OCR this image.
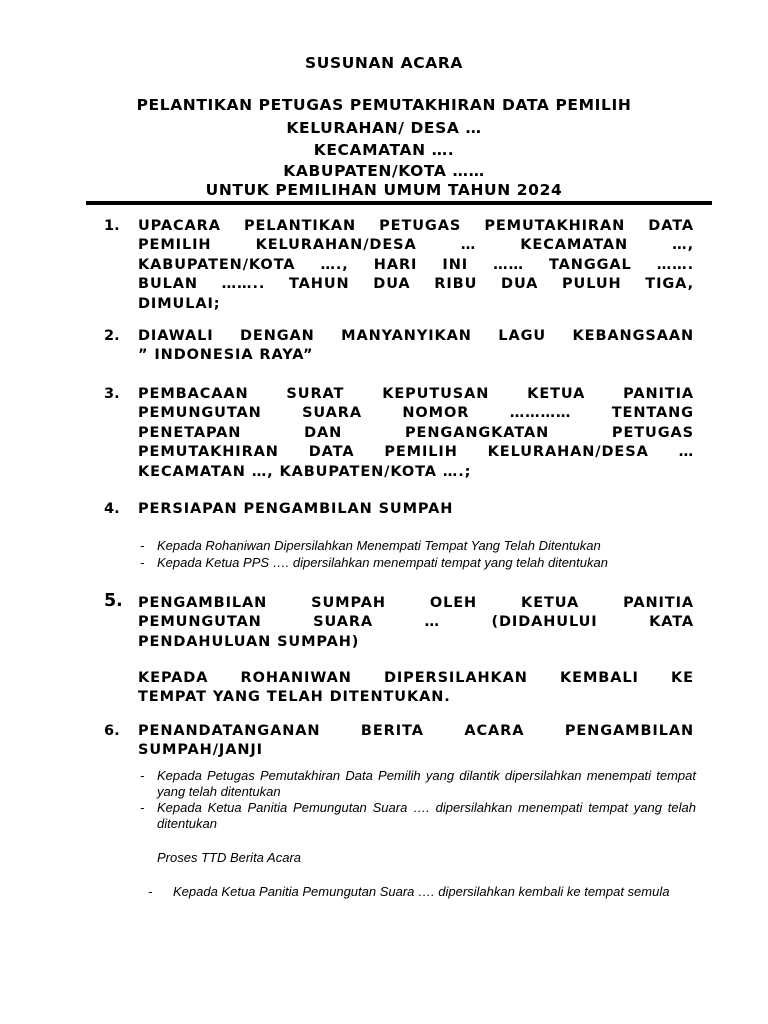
SUSUNAN ACARA
PELANTIKAN PETUGAS PEMUTAKHIRAN DATA PEMILIH
KELURAHAN/ DESA …
KECAMATAN ….
KABUPATEN/KOTA ……
UNTUK PEMILIHAN UMUM TAHUN 2024
1. UPACARA PELANTIKAN PETUGAS PEMUTAKHIRAN DATA
PEMILIH KELURAHAN/DESA … KECAMATAN …,
KABUPATEN/KOTA …., HARI INI …… TANGGAL …….
BULAN …….. TAHUN DUA RIBU DUA PULUH TIGA,
DIMULAI;
2. DIAWALI DENGAN MANYANYIKAN LAGU KEBANGSAAN
” INDONESIA RAYA”
3. PEMBACAAN SURAT KEPUTUSAN KETUA PANITIA
PEMUNGUTAN SUARA NOMOR ………… TENTANG
PENETAPAN DAN PENGANGKATAN PETUGAS
PEMUTAKHIRAN DATA PEMILIH KELURAHAN/DESA …
KECAMATAN …, KABUPATEN/KOTA ….;
4. PERSIAPAN PENGAMBILAN SUMPAH
- Kepada Rohaniwan Dipersilahkan Menempati Tempat Yang Telah Ditentukan
- Kepada Ketua PPS …. dipersilahkan menempati tempat yang telah ditentukan
5. PENGAMBILAN SUMPAH OLEH KETUA PANITIA
PEMUNGUTAN SUARA … (DIDAHULUI KATA
PENDAHULUAN SUMPAH)
KEPADA ROHANIWAN DIPERSILAHKAN KEMBALI KE
TEMPAT YANG TELAH DITENTUKAN.
6. PENANDATANGANAN BERITA ACARA PENGAMBILAN
SUMPAH/JANJI
- Kepada Petugas Pemutakhiran Data Pemilih yang dilantik dipersilahkan menempati tempat yang telah ditentukan
- Kepada Ketua Panitia Pemungutan Suara …. dipersilahkan menempati tempat yang telah ditentukan
Proses TTD Berita Acara
- Kepada Ketua Panitia Pemungutan Suara …. dipersilahkan kembali ke tempat semula
